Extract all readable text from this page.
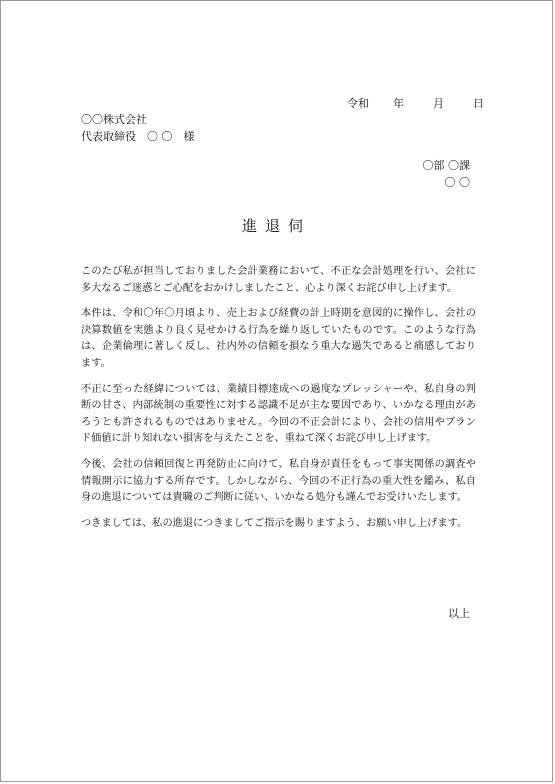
令和	年	月	日
〇〇株式会社
代表取締役　〇 〇　様
〇部 〇課
〇 〇
進退伺

このたび私が担当しておりました会計業務において、不正な会計処理を行い、会社に多大なるご迷惑とご心配をおかけしましたこと、心より深くお詫び申し上げます。

本件は、令和〇年〇月頃より、売上および経費の計上時期を意図的に操作し、会社の決算数値を実態より良く見せかける行為を繰り返していたものです。このような行為は、企業倫理に著しく反し、社内外の信頼を損なう重大な過失であると痛感しております。

不正に至った経緯については、業績目標達成への過度なプレッシャーや、私自身の判断の甘さ、内部統制の重要性に対する認識不足が主な要因であり、いかなる理由があろうとも許されるものではありません。今回の不正会計により、会社の信用やブランド価値に計り知れない損害を与えたことを、重ねて深くお詫び申し上げます。

今後、会社の信頼回復と再発防止に向けて、私自身が責任をもって事実関係の調査や情報開示に協力する所存です。しかしながら、今回の不正行為の重大性を鑑み、私自身の進退については貴職のご判断に従い、いかなる処分も謹んでお受けいたします。

つきましては、私の進退につきましてご指示を賜りますよう、お願い申し上げます。

以上
